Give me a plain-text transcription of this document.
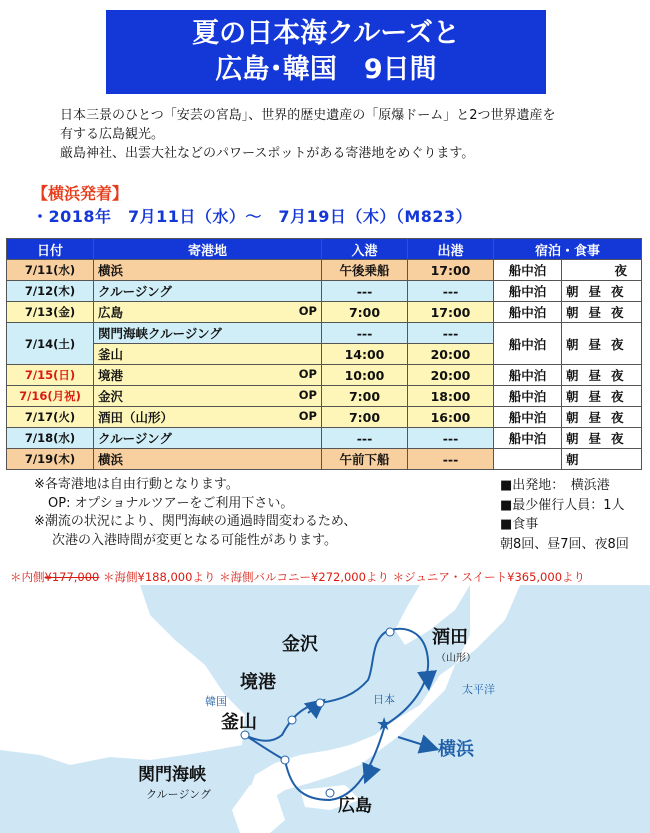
夏の日本海クルーズと
広島･韓国　9日間
日本三景のひとつ「安芸の宮島」、世界的歴史遺産の「原爆ドーム」と2つ世界遺産を
有する広島観光。
厳島神社、出雲大社などのパワースポットがある寄港地をめぐります。
【横浜発着】
・2018年　7月11日（水）～　7月19日（木）（M823）
日付	寄港地	入港	出港	宿泊・食事	
7/11(水)	横浜	午後乗船	17:00	船中泊	夜
7/12(木)	クルージング	---	---	船中泊	朝昼夜
7/13(金)	広島 OP	7:00	17:00	船中泊	朝昼夜
7/14(土)	関門海峡クルージング	---	---	船中泊	朝昼夜
	釜山	14:00	20:00		
7/15(日)	境港 OP	10:00	20:00	船中泊	朝昼夜
7/16(月祝)	金沢 OP	7:00	18:00	船中泊	朝昼夜
7/17(火)	酒田（山形） OP	7:00	16:00	船中泊	朝昼夜
7/18(水)	クルージング	---	---	船中泊	朝昼夜
7/19(木)	横浜	午前下船	---		朝
※各寄港地は自由行動となります。
OP: オプショナルツアーをご利用下さい。
※潮流の状況により、関門海峡の通過時間変わるため、
次港の入港時間が変更となる可能性があります。
■出発地：　横浜港
■最少催行人員：1人
■食事
朝8回、昼7回、夜8回
＊内側¥177,000 ＊海側¥188,000より ＊海側バルコニー¥272,000より ＊ジュニア・スイート¥365,000より
★
酒田
（山形）
金沢
境港
韓国
釜山
日本
太平洋
横浜
関門海峡
クルージング
広島
